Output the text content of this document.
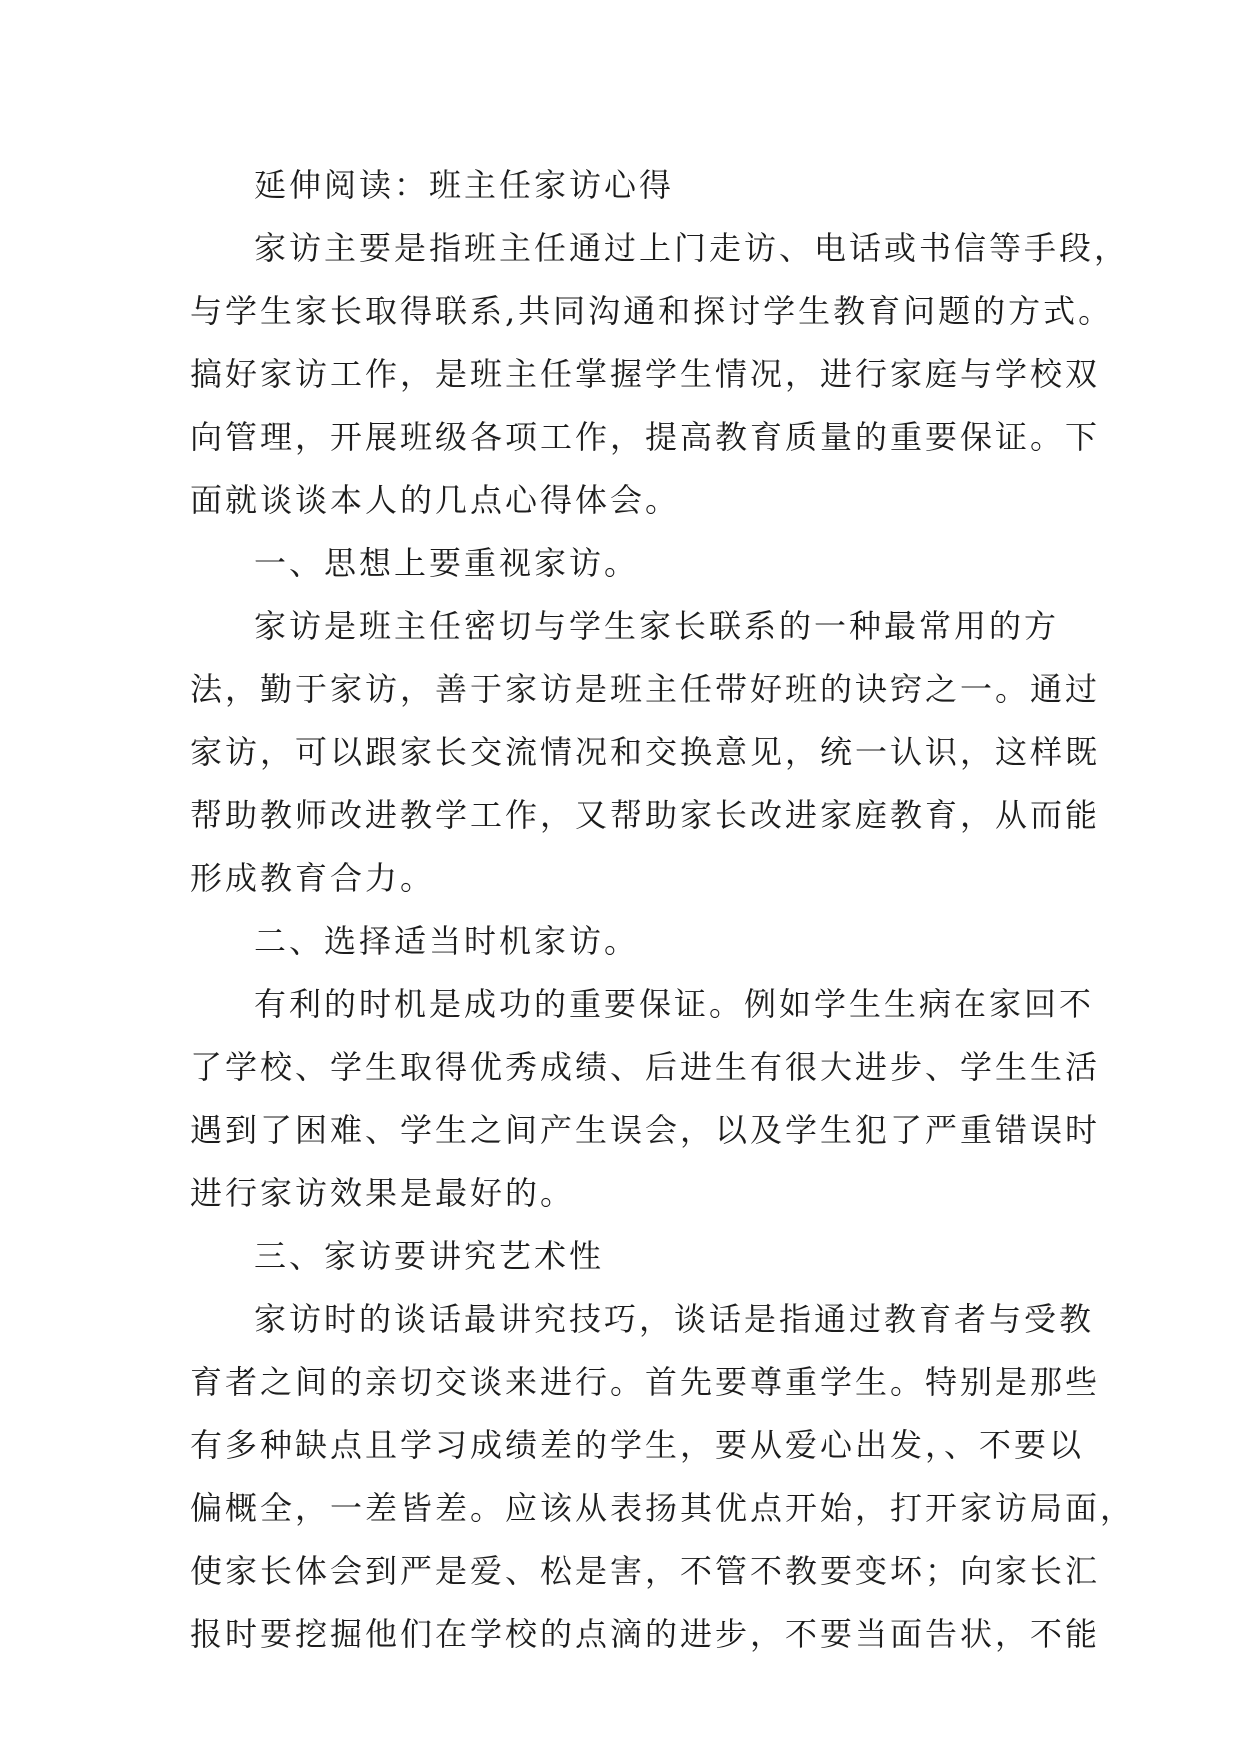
延伸阅读：班主任家访心得
家访主要是指班主任通过上门走访、电话或书信等手段，
与学生家长取得联系,共同沟通和探讨学生教育问题的方式。
搞好家访工作，是班主任掌握学生情况，进行家庭与学校双
向管理，开展班级各项工作，提高教育质量的重要保证。下
面就谈谈本人的几点心得体会。
一、思想上要重视家访。
家访是班主任密切与学生家长联系的一种最常用的方
法，勤于家访，善于家访是班主任带好班的诀窍之一。通过
家访，可以跟家长交流情况和交换意见，统一认识，这样既
帮助教师改进教学工作，又帮助家长改进家庭教育，从而能
形成教育合力。
二、选择适当时机家访。
有利的时机是成功的重要保证。例如学生生病在家回不
了学校、学生取得优秀成绩、后进生有很大进步、学生生活
遇到了困难、学生之间产生误会，以及学生犯了严重错误时
进行家访效果是最好的。
三、家访要讲究艺术性
家访时的谈话最讲究技巧，谈话是指通过教育者与受教
育者之间的亲切交谈来进行。首先要尊重学生。特别是那些
有多种缺点且学习成绩差的学生，要从爱心出发，、不要以
偏概全，一差皆差。应该从表扬其优点开始，打开家访局面，
使家长体会到严是爱、松是害，不管不教要变坏；向家长汇
报时要挖掘他们在学校的点滴的进步，不要当面告状，不能
